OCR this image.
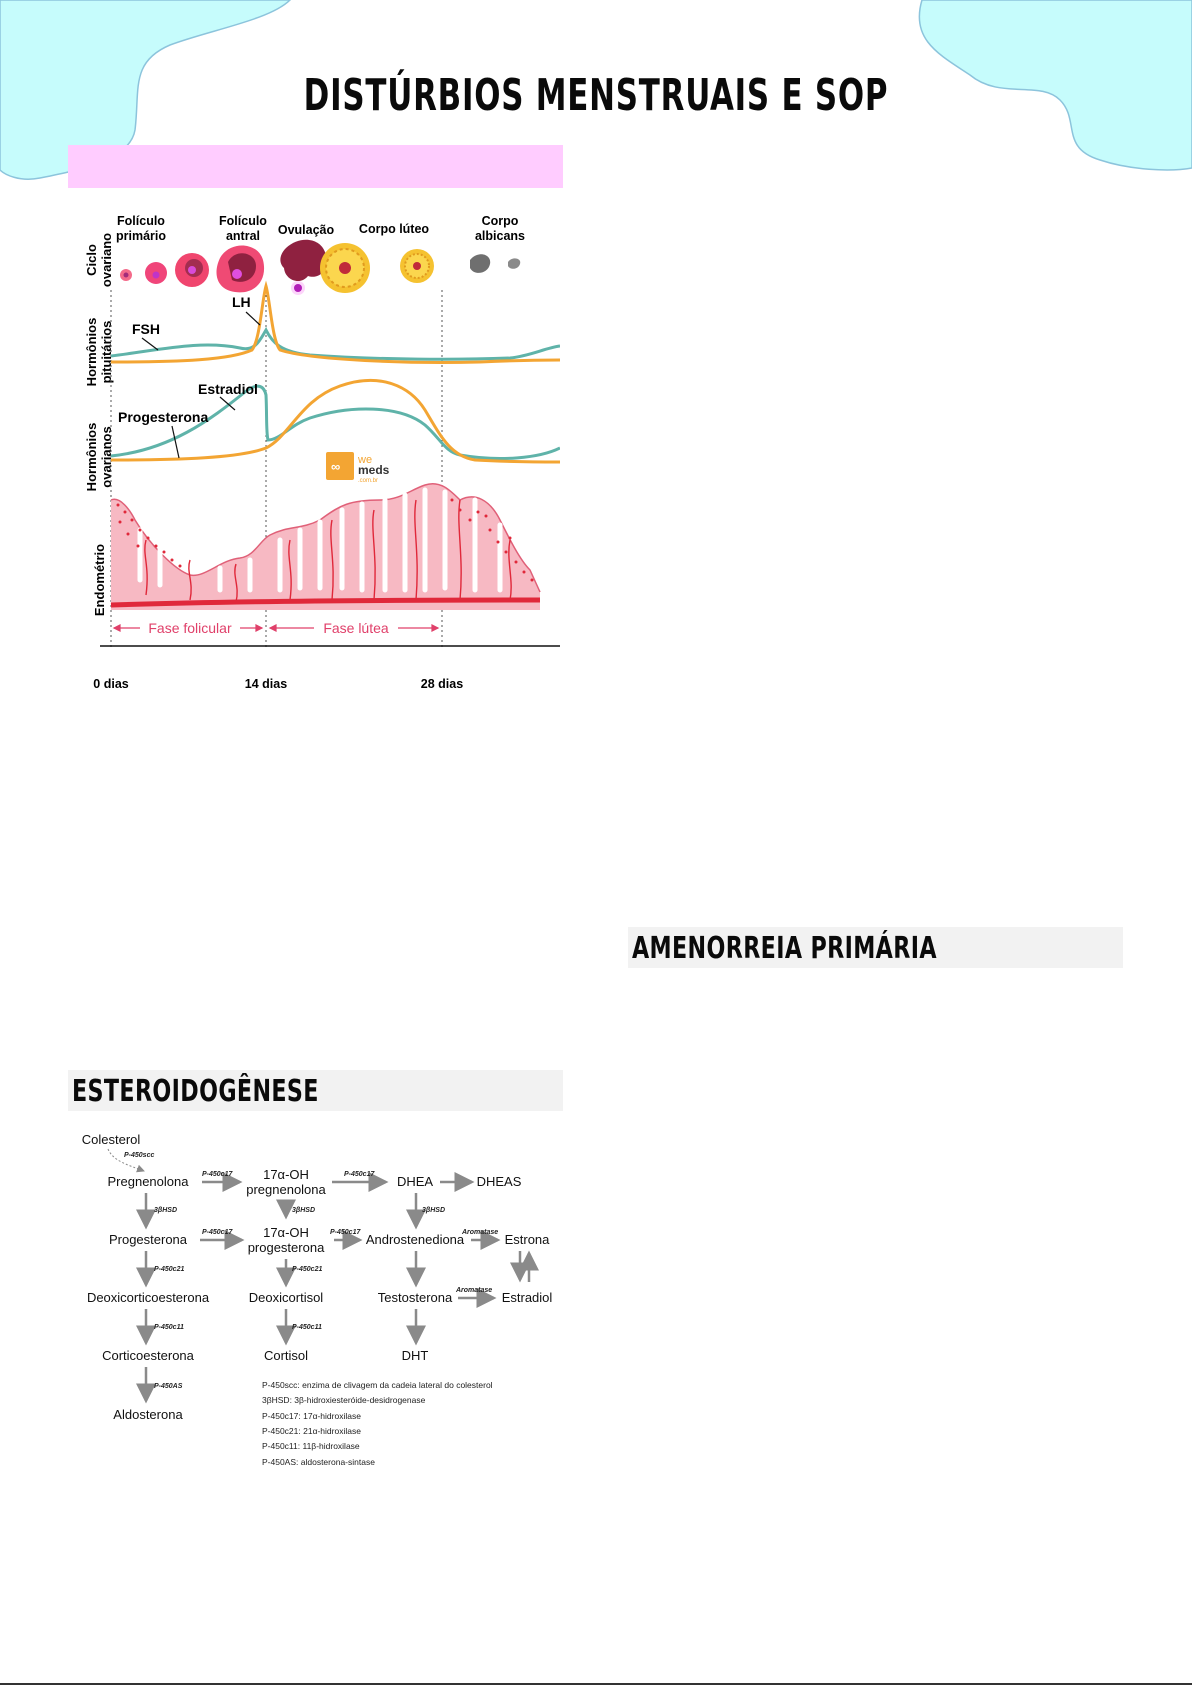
DISTÚRBIOS MENSTRUAIS E SOP
Cicloovariano
Hormôniospituitários
Hormôniosovarianos
Endométrio
Folículo primário
Folículo antral	Ovulação Corpo lúteo
Corpo albicans
LH
FSH
Estradiol
Progesterona
∞ we
meds
.com.br
Fase folicular	Fase lútea
0 dias	14 dias	28 dias
AMENORREIA PRIMÁRIA
ESTEROIDOGÊNESE
Colesterol
Pregnenolona	17α-OH pregnenolona
DHEA	DHEAS
Progesterona	17α-OH progesterona
Androstenediona	Estrona
Deoxicorticoesterona	Deoxicortisol	Testosterona	Estradiol
Corticoesterona	Cortisol	DHT
Aldosterona
P-450scc
P-450c17	P-450c17
3βHSD	3βHSD	3βHSD
P-450c17	P-450c17	Aromatase
P-450c21	P-450c21
Aromatase
P-450c11	P-450c11
P-450AS	P-450scc: enzima de clivagem da cadeia lateral do colesterol
3βHSD: 3β-hidroxiesteróide-desidrogenase
P-450c17: 17α-hidroxilase
P-450c21: 21α-hidroxilase
P-450c11: 11β-hidroxilase
P-450AS: aldosterona-sintase
